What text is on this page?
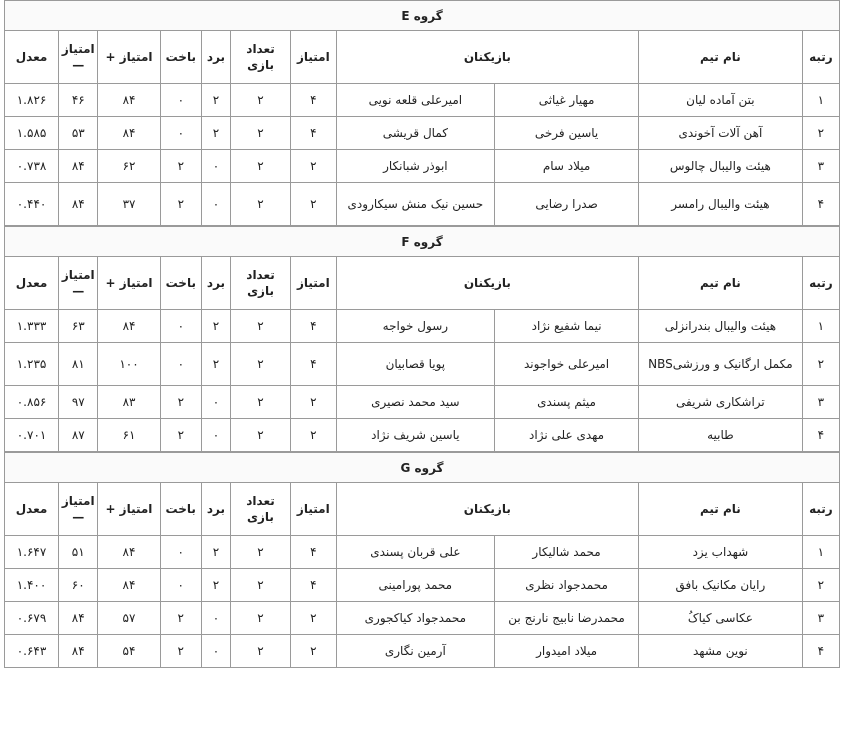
گروه E										
رتبه	نام تیم	بازیکنان		امتیاز	تعداد بازی	برد	باخت	امتیاز +	امتیاز —	معدل
۱	بتن آماده لیان	مهیار غیاثی	امیرعلی قلعه نویی	۴	۲	۲	۰	۸۴	۴۶	۱.۸۲۶
۲	آهن آلات آخوندی	یاسین فرخی	کمال قریشی	۴	۲	۲	۰	۸۴	۵۳	۱.۵۸۵
۳	هیئت والیبال چالوس	میلاد سام	ابوذر شبانکار	۲	۲	۰	۲	۶۲	۸۴	۰.۷۳۸
۴	هیئت والیبال رامسر	صدرا رضایی	حسین نیک منش سیکارودی	۲	۲	۰	۲	۳۷	۸۴	۰.۴۴۰
گروه F										
رتبه	نام تیم	بازیکنان		امتیاز	تعداد بازی	برد	باخت	امتیاز +	امتیاز —	معدل
۱	هیئت والیبال بندرانزلی	نیما شفیع نژاد	رسول خواجه	۴	۲	۲	۰	۸۴	۶۳	۱.۳۳۳
۲	مکمل ارگانیک و ورزشیNBS	امیرعلی خواجوند	پویا قصابیان	۴	۲	۲	۰	۱۰۰	۸۱	۱.۲۳۵
۳	تراشکاری شریفی	میثم پسندی	سید محمد نصیری	۲	۲	۰	۲	۸۳	۹۷	۰.۸۵۶
۴	طابیه	مهدی علی نژاد	یاسین شریف نژاد	۲	۲	۰	۲	۶۱	۸۷	۰.۷۰۱
گروه G										
رتبه	نام تیم	بازیکنان		امتیاز	تعداد بازی	برد	باخت	امتیاز +	امتیاز —	معدل
۱	شهداب یزد	محمد شالیکار	علی قربان پسندی	۴	۲	۲	۰	۸۴	۵۱	۱.۶۴۷
۲	رایان مکانیک بافق	محمدجواد نظری	محمد پورامینی	۴	۲	۲	۰	۸۴	۶۰	۱.۴۰۰
۳	عکاسی کیاکُ	محمدرضا نابیج نارنج بن	محمدجواد کیاکجوری	۲	۲	۰	۲	۵۷	۸۴	۰.۶۷۹
۴	نوین مشهد	میلاد امیدوار	آرمین نگاری	۲	۲	۰	۲	۵۴	۸۴	۰.۶۴۳
